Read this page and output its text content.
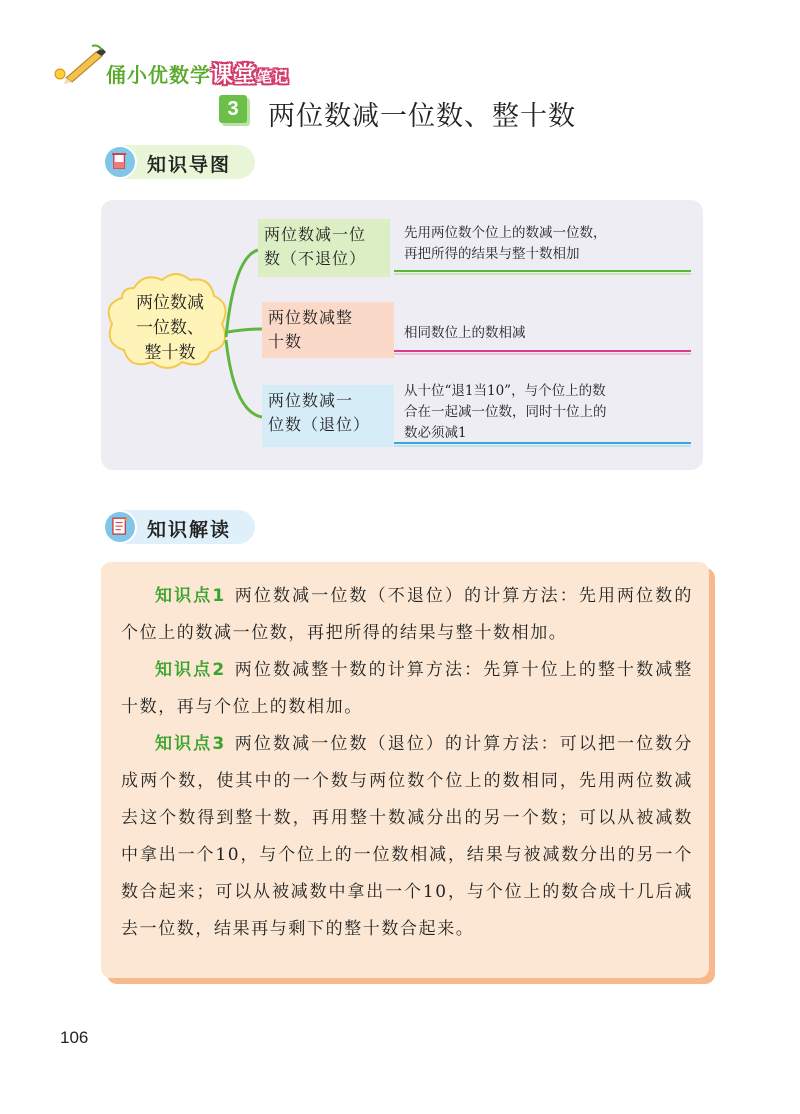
俑小优数学课堂笔记
3	两位数减一位数、整十数
知识导图
两位数减
一位数、
整十数
两位数减一位
数（不退位）
两位数减整
十数
两位数减一
位数（退位）
先用两位数个位上的数减一位数，
再把所得的结果与整十数相加
相同数位上的数相减
从十位“退1当10”，与个位上的数
合在一起减一位数，同时十位上的
数必须减1
知识解读
知识点1 两位数减一位数（不退位）的计算方法：先用两位数的个位上的数减一位数，再把所得的结果与整十数相加。
知识点2 两位数减整十数的计算方法：先算十位上的整十数减整十数，再与个位上的数相加。
知识点3 两位数减一位数（退位）的计算方法：可以把一位数分成两个数，使其中的一个数与两位数个位上的数相同，先用两位数减去这个数得到整十数，再用整十数减分出的另一个数；可以从被减数中拿出一个10，与个位上的一位数相减，结果与被减数分出的另一个数合起来；可以从被减数中拿出一个10，与个位上的数合成十几后减去一位数，结果再与剩下的整十数合起来。
106
